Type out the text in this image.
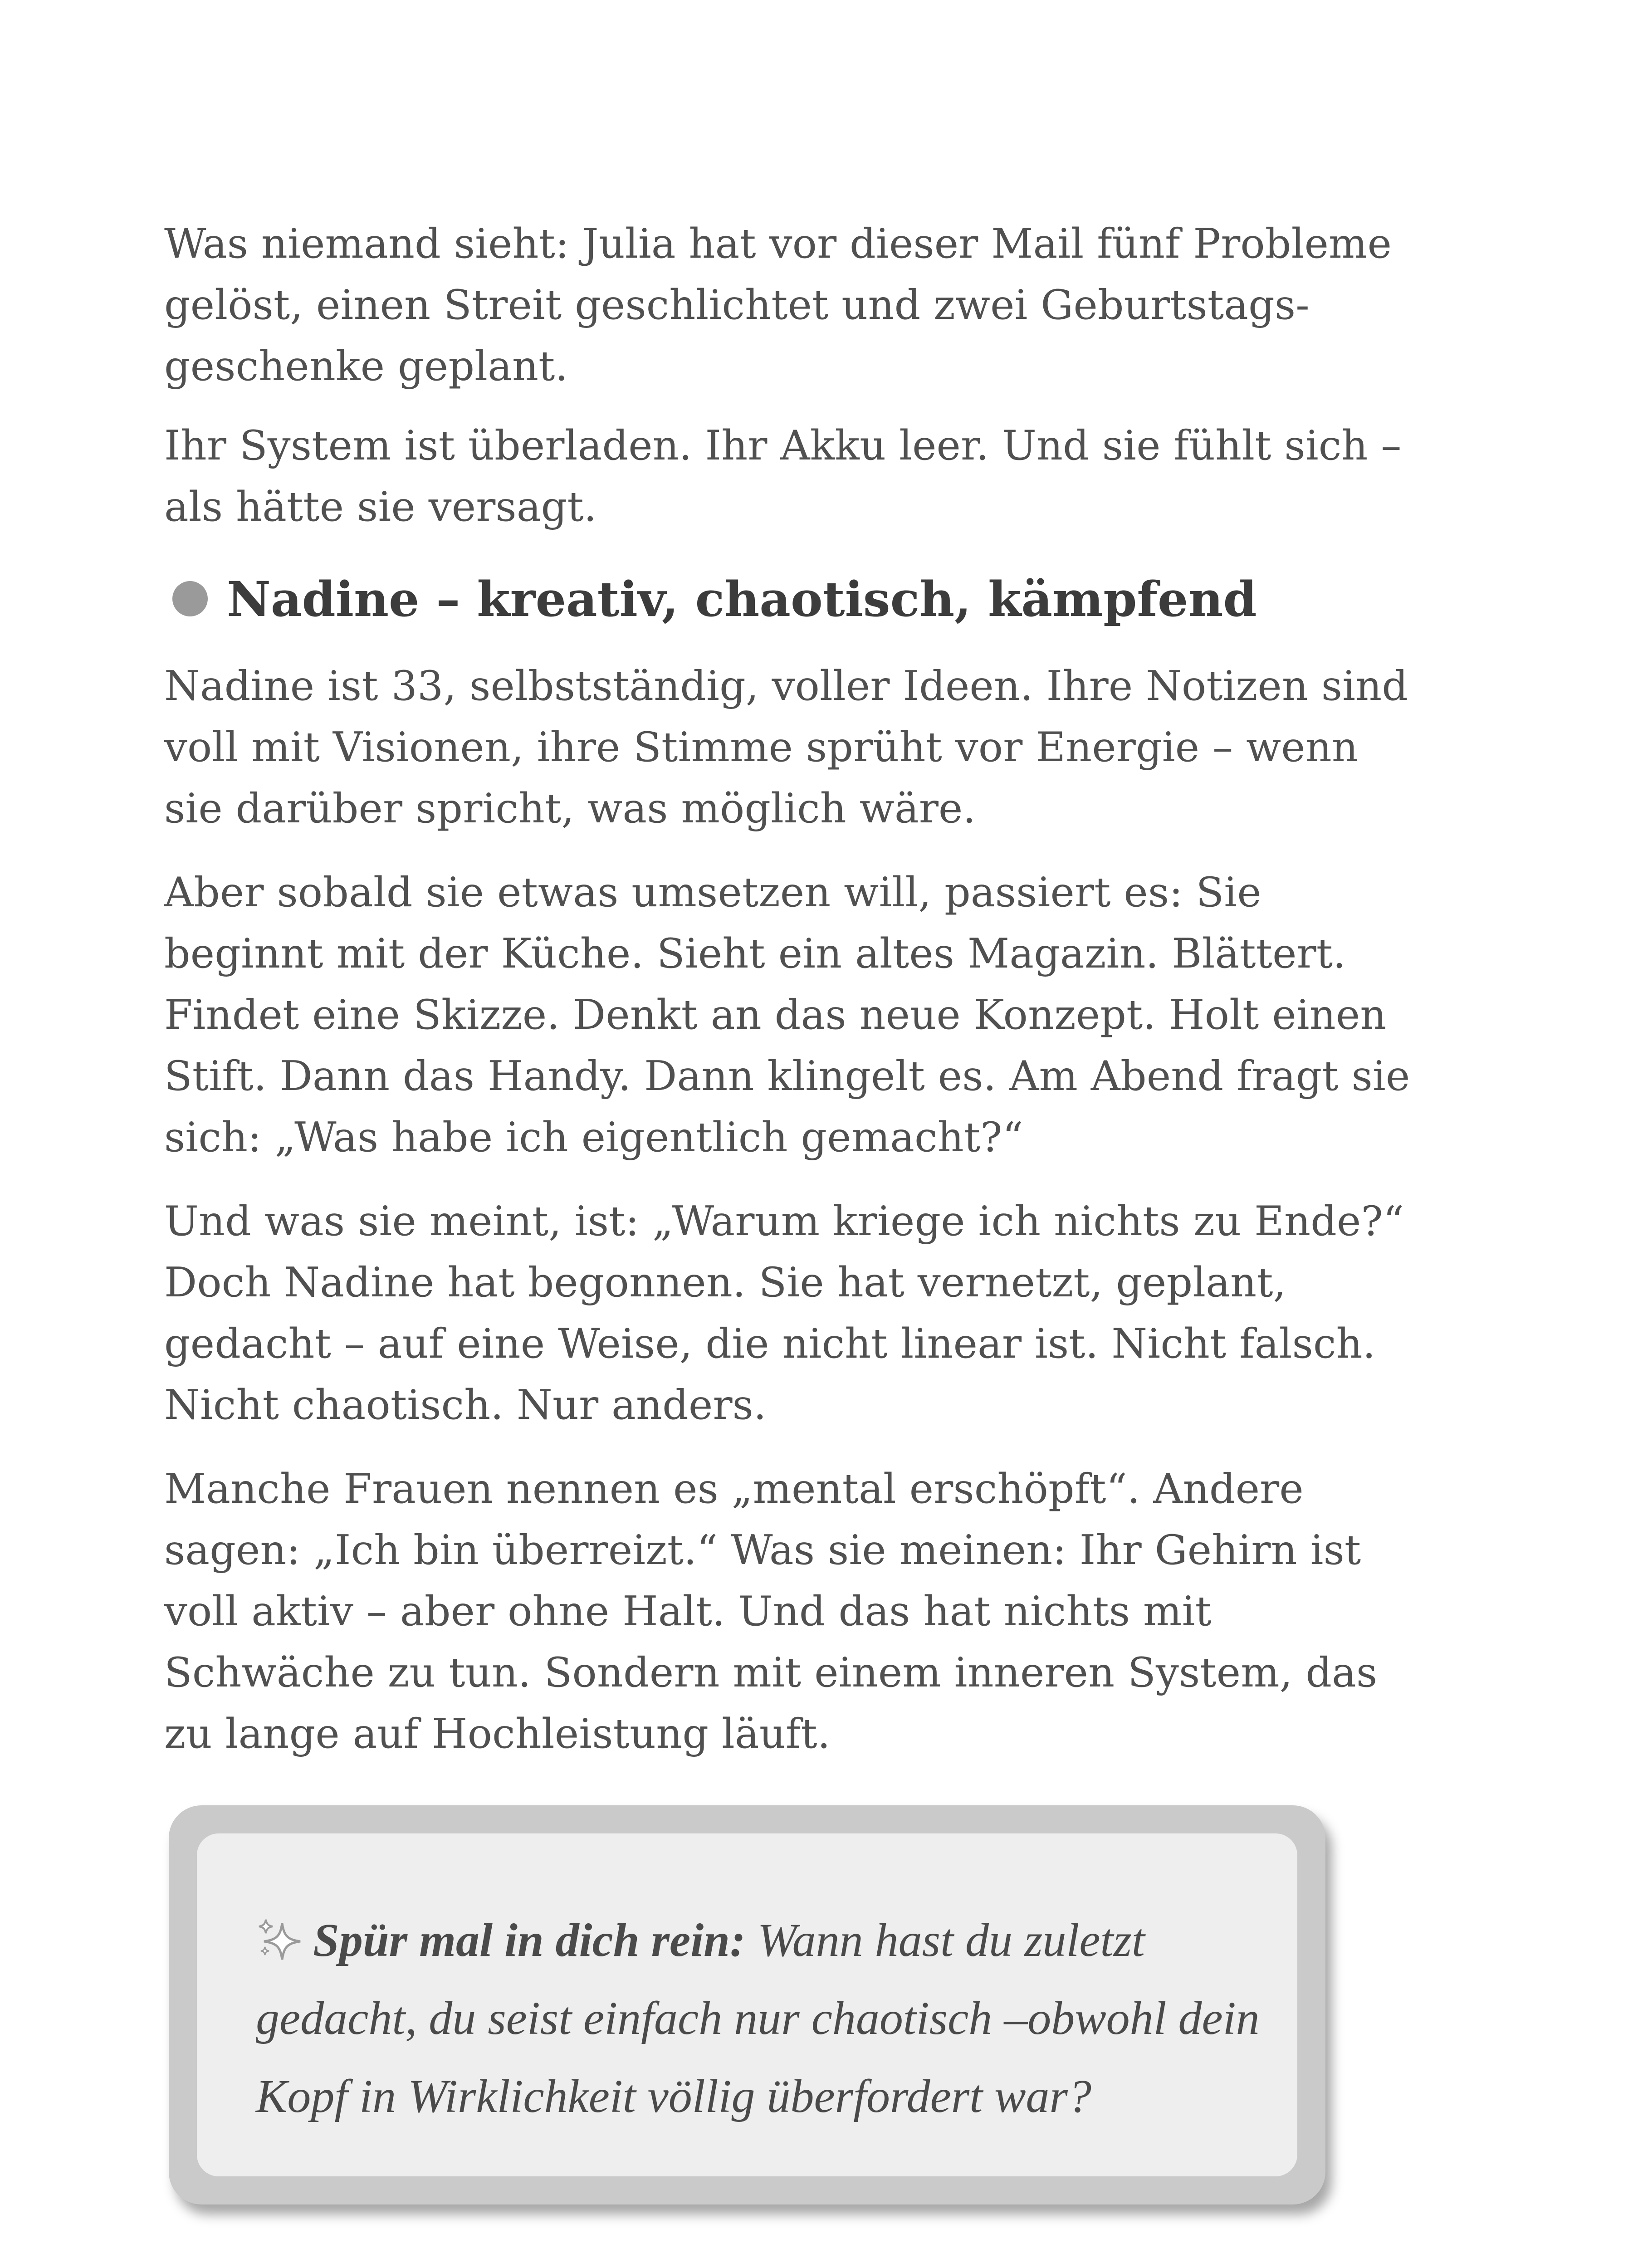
Was niemand sieht: Julia hat vor dieser Mail fünf Probleme gelöst, einen Streit geschlichtet und zwei Geburtstagsgeschenke geplant.

Ihr System ist überladen. Ihr Akku leer. Und sie fühlt sich – als hätte sie versagt.

Nadine – kreativ, chaotisch, kämpfend

Nadine ist 33, selbstständig, voller Ideen. Ihre Notizen sind voll mit Visionen, ihre Stimme sprüht vor Energie – wenn sie darüber spricht, was möglich wäre.

Aber sobald sie etwas umsetzen will, passiert es: Sie beginnt mit der Küche. Sieht ein altes Magazin. Blättert. Findet eine Skizze. Denkt an das neue Konzept. Holt einen Stift. Dann das Handy. Dann klingelt es. Am Abend fragt sie sich: „Was habe ich eigentlich gemacht?“

Und was sie meint, ist: „Warum kriege ich nichts zu Ende?“ Doch Nadine hat begonnen. Sie hat vernetzt, geplant, gedacht – auf eine Weise, die nicht linear ist. Nicht falsch. Nicht chaotisch. Nur anders.

Manche Frauen nennen es „mental erschöpft“. Andere sagen: „Ich bin überreizt.“ Was sie meinen: Ihr Gehirn ist voll aktiv – aber ohne Halt. Und das hat nichts mit Schwäche zu tun. Sondern mit einem inneren System, das zu lange auf Hochleistung läuft.

Spür mal in dich rein: Wann hast du zuletzt gedacht, du seist einfach nur chaotisch –obwohl dein Kopf in Wirklichkeit völlig überfordert war?
